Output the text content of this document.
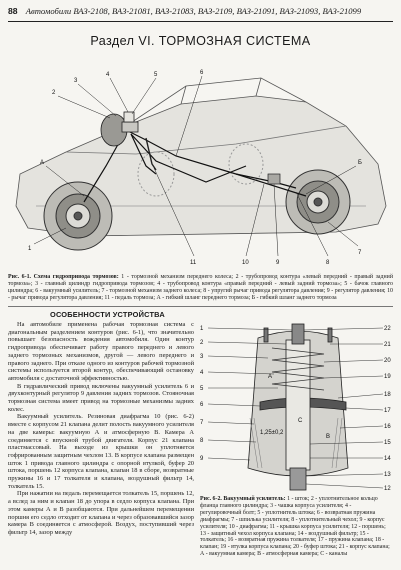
88 Автомобили ВАЗ-2108, ВАЗ-21081, ВАЗ-21083, ВАЗ-2109, ВАЗ-21091, ВАЗ-21093, ВАЗ-21099
Раздел VI. ТОРМОЗНАЯ СИСТЕМА
1
2
3
4	5	6
7
8
9
10
11
А	Б
Рис. 6-1. Схема гидропривода тормозов: 1 - тормозной механизм переднего колеса; 2 - трубопровод контура «левый передний - правый задний тормоза»; 3 - главный цилиндр гидропривода тормозов; 4 - трубопровод контура «правый передний - левый задний тормоза»; 5 - бачок главного цилиндра; 6 - вакуумный усилитель; 7 - тормозной механизм заднего колеса; 8 - упругий рычаг привода регулятора давления; 9 - регулятор давления; 10 - рычаг привода регулятора давления; 11 - педаль тормоза; А - гибкий шланг переднего тормоза; Б - гибкий шланг заднего тормоза
ОСОБЕННОСТИ УСТРОЙСТВА

На автомобиле применена рабочая тормозная система с диагональным разделением контуров (рис. 6-1), что значительно повышает безопасность вождения автомобиля. Один контур гидропривода обеспечивает работу правого переднего и левого заднего тормозных механизмов, другой — левого переднего и правого заднего. При отказе одного из контуров рабочей тормозной системы используется второй контур, обеспечивающий остановку автомобиля с достаточной эффективностью.

В гидравлический привод включены вакуумный усилитель 6 и двухконтурный регулятор 9 давления задних тормозов. Стояночная тормозная система имеет привод на тормозные механизмы задних колес.

Вакуумный усилитель. Резиновая диафрагма 10 (рис. 6-2) вместе с корпусом 21 клапана делит полость вакуумного усилителя на две камеры: вакуумную А и атмосферную В. Камера А соединяется с впускной трубой двигателя. Корпус 21 клапана пластмассовый. На выходе из крышки он уплотняется гофрированным защитным чехлом 13. В корпусе клапана размещен шток 1 привода главного цилиндра с опорной втулкой, буфер 20 штока, поршень 12 корпуса клапана, клапан 18 в сборе, возвратные пружины 16 и 17 толкателя и клапана, воздушный фильтр 14, толкатель 15.

При нажатии на педаль перемещается толкатель 15, поршень 12, а вслед за ним и клапан 18 до упора в седло корпуса клапана. При этом камеры А и В разобщаются. При дальнейшем перемещении поршня его седло отходит от клапана и через образовавшийся зазор камера В соединяется с атмосферой. Воздух, поступивший через фильтр 14, зазор между

1,25±0,2
1
2
3
4
5
6
7
8
9
22
21
20
19
18
17
16
15
14
13
12
А
В
С
Рис. 6-2. Вакуумный усилитель: 1 - шток; 2 - уплотнительное кольцо фланца главного цилиндра; 3 - чашка корпуса усилителя; 4 - регулировочный болт; 5 - уплотнитель штока; 6 - возвратная пружина диафрагмы; 7 - шпилька усилителя; 8 - уплотнительный чехол; 9 - корпус усилителя; 10 - диафрагма; 11 - крышка корпуса усилителя; 12 - поршень; 13 - защитный чехол корпуса клапана; 14 - воздушный фильтр; 15 - толкатель; 16 - возвратная пружина толкателя; 17 - пружина клапана; 18 - клапан; 19 - втулка корпуса клапана; 20 - буфер штока; 21 - корпус клапана; А - вакуумная камера; В - атмосферная камера; С - каналы
